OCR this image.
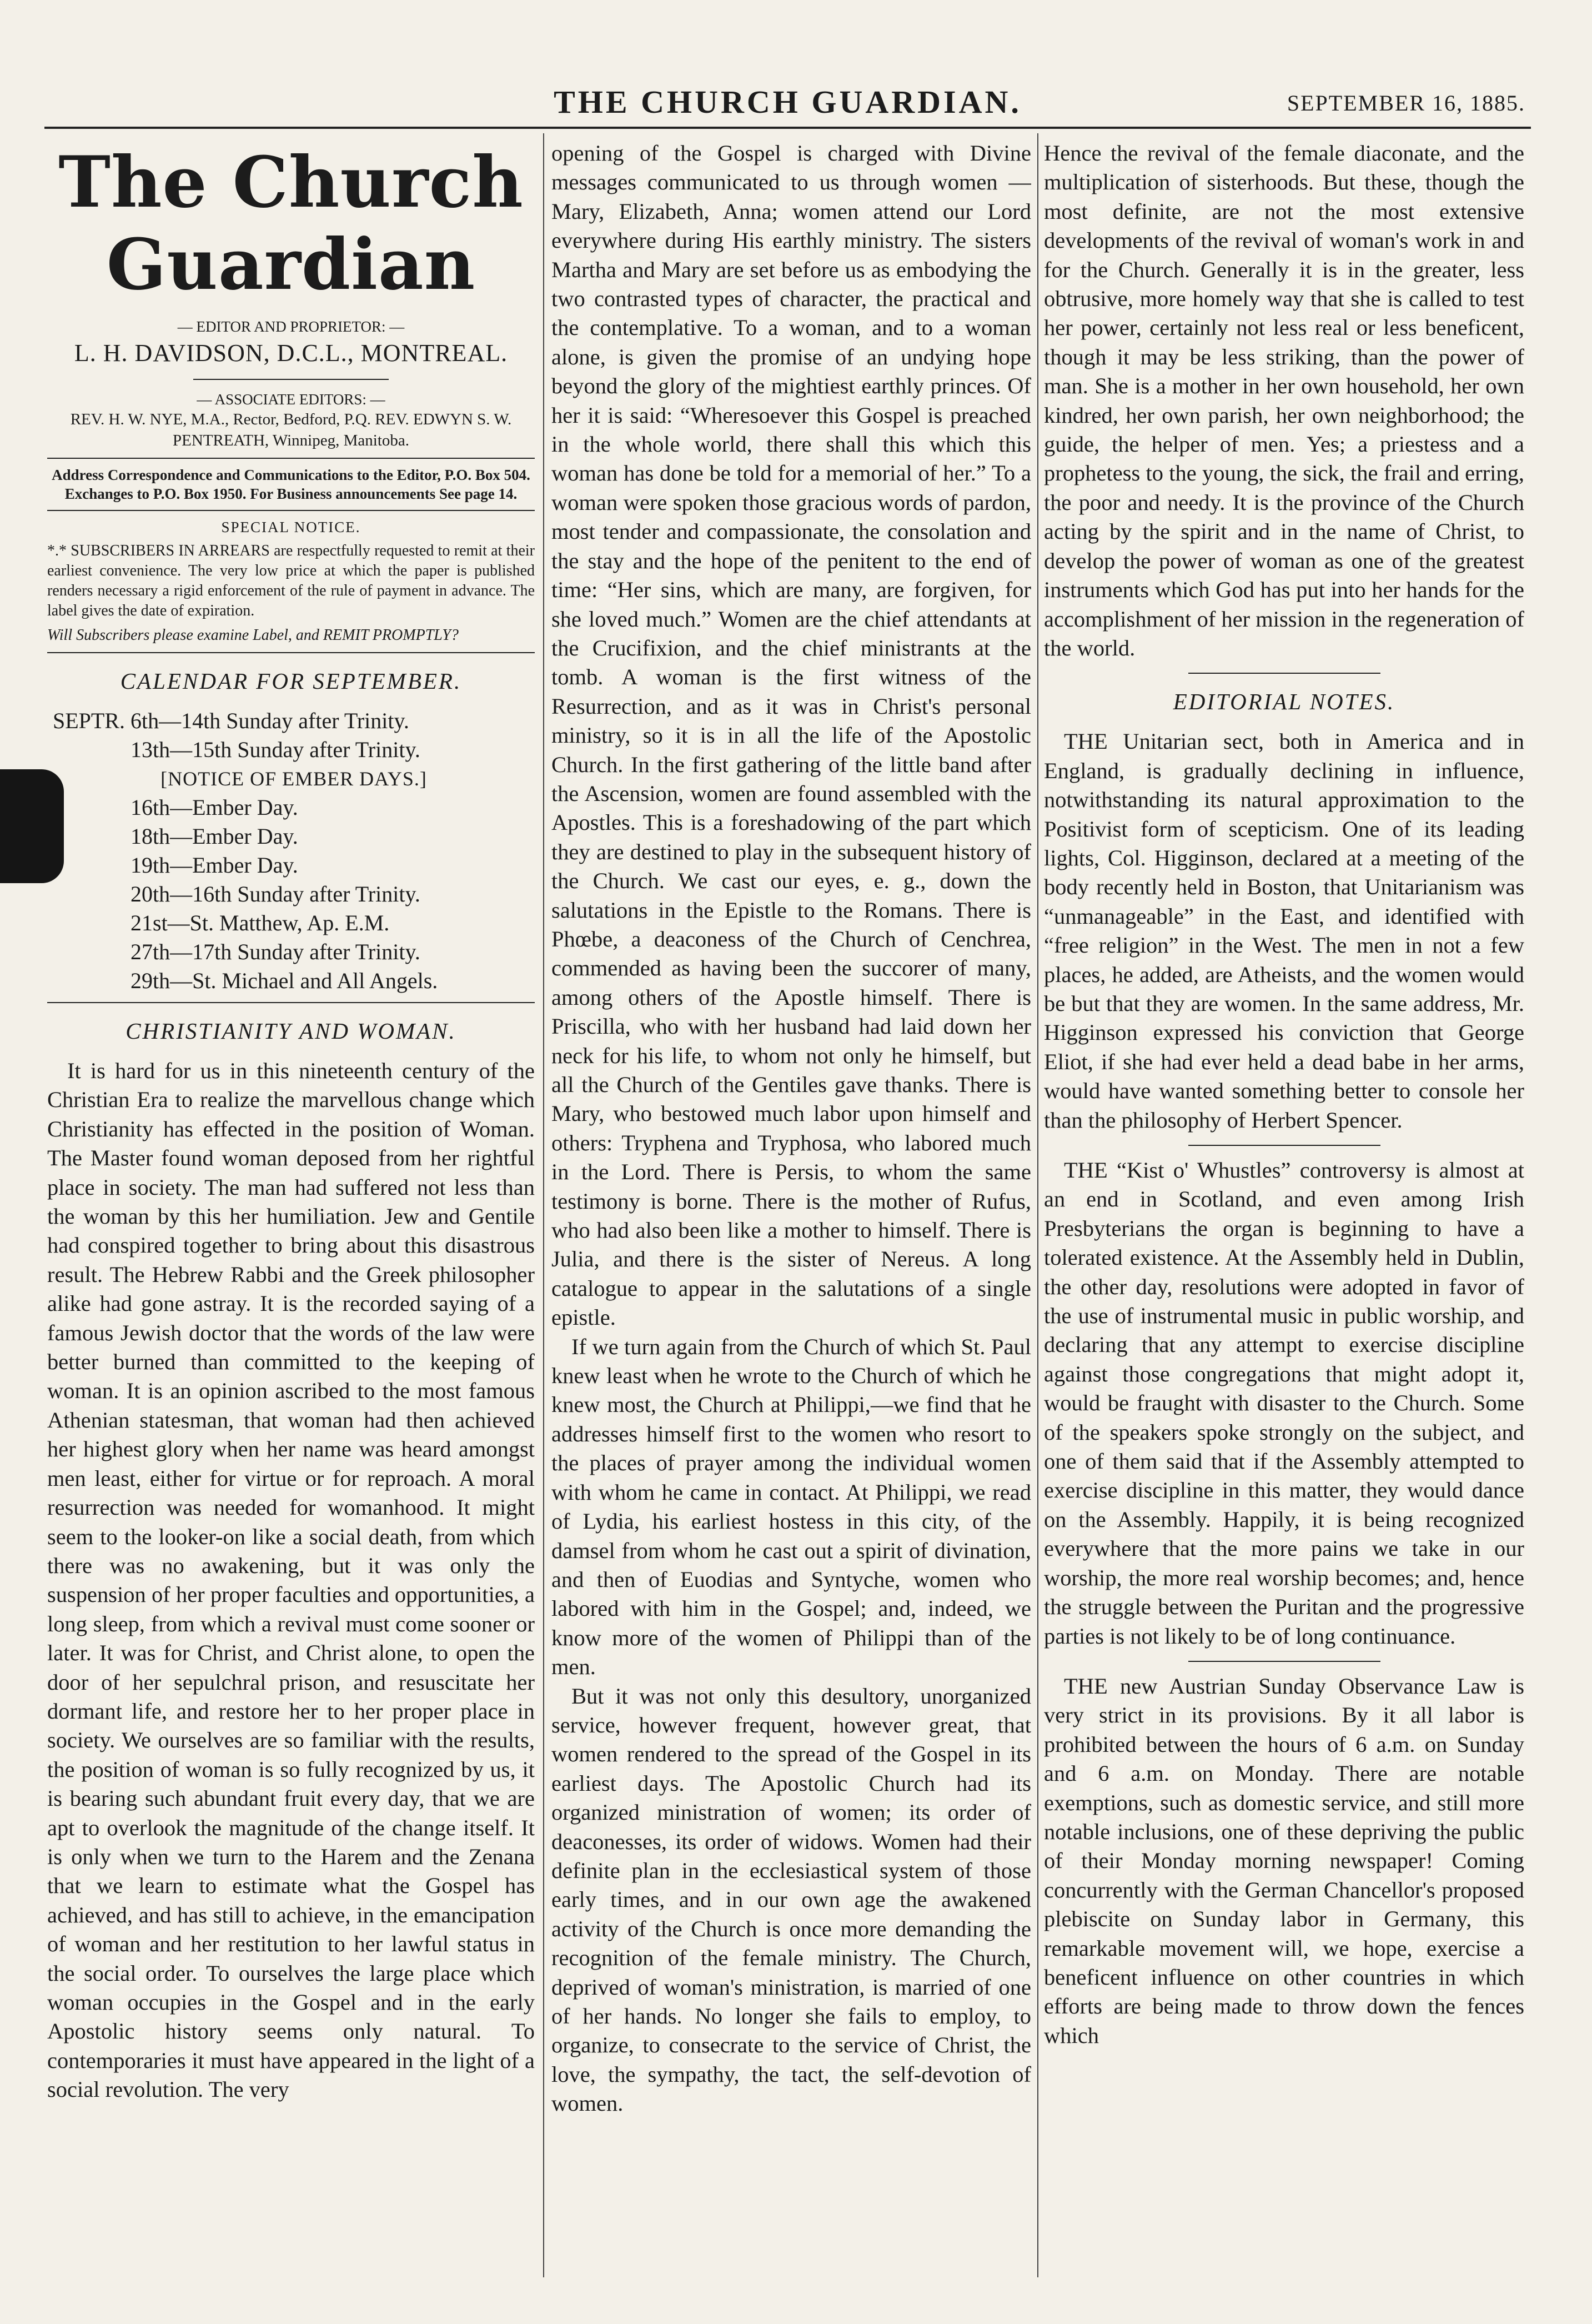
THE CHURCH GUARDIAN.	SEPTEMBER 16, 1885.
The Church Guardian
— EDITOR AND PROPRIETOR: —
L. H. DAVIDSON, D.C.L., MONTREAL.
— ASSOCIATE EDITORS: —
REV. H. W. NYE, M.A., Rector, Bedford, P.Q. REV. EDWYN S. W. PENTREATH, Winnipeg, Manitoba.
Address Correspondence and Communications to the Editor, P.O. Box 504. Exchanges to P.O. Box 1950. For Business announcements See page 14.
SPECIAL NOTICE.
*.* SUBSCRIBERS IN ARREARS are respectfully requested to remit at their earliest convenience. The very low price at which the paper is published renders necessary a rigid enforcement of the rule of payment in advance. The label gives the date of expiration.
Will Subscribers please examine Label, and REMIT PROMPTLY?
CALENDAR FOR SEPTEMBER.
SEPTR. 6th—14th Sunday after Trinity.
13th—15th Sunday after Trinity.
[NOTICE OF EMBER DAYS.]
16th—Ember Day.
18th—Ember Day.
19th—Ember Day.
20th—16th Sunday after Trinity.
21st—St. Matthew, Ap. E.M.
27th—17th Sunday after Trinity.
29th—St. Michael and All Angels.
CHRISTIANITY AND WOMAN.

It is hard for us in this nineteenth century of the Christian Era to realize the marvellous change which Christianity has effected in the position of Woman. The Master found woman deposed from her rightful place in society. The man had suffered not less than the woman by this her humiliation. Jew and Gentile had conspired together to bring about this disastrous result. The Hebrew Rabbi and the Greek philosopher alike had gone astray. It is the recorded saying of a famous Jewish doctor that the words of the law were better burned than committed to the keeping of woman. It is an opinion ascribed to the most famous Athenian statesman, that woman had then achieved her highest glory when her name was heard amongst men least, either for virtue or for reproach. A moral resurrection was needed for womanhood. It might seem to the looker-on like a social death, from which there was no awakening, but it was only the suspension of her proper faculties and opportunities, a long sleep, from which a revival must come sooner or later. It was for Christ, and Christ alone, to open the door of her sepulchral prison, and resuscitate her dormant life, and restore her to her proper place in society. We ourselves are so familiar with the results, the position of woman is so fully recognized by us, it is bearing such abundant fruit every day, that we are apt to overlook the magnitude of the change itself. It is only when we turn to the Harem and the Zenana that we learn to estimate what the Gospel has achieved, and has still to achieve, in the emancipation of woman and her restitution to her lawful status in the social order. To ourselves the large place which woman occupies in the Gospel and in the early Apostolic history seems only natural. To contemporaries it must have appeared in the light of a social revolution. The very

opening of the Gospel is charged with Divine messages communicated to us through women —Mary, Elizabeth, Anna; women attend our Lord everywhere during His earthly ministry. The sisters Martha and Mary are set before us as embodying the two contrasted types of character, the practical and the contemplative. To a woman, and to a woman alone, is given the promise of an undying hope beyond the glory of the mightiest earthly princes. Of her it is said: “Wheresoever this Gospel is preached in the whole world, there shall this which this woman has done be told for a memorial of her.” To a woman were spoken those gracious words of pardon, most tender and compassionate, the consolation and the stay and the hope of the penitent to the end of time: “Her sins, which are many, are forgiven, for she loved much.” Women are the chief attendants at the Crucifixion, and the chief ministrants at the tomb. A woman is the first witness of the Resurrection, and as it was in Christ's personal ministry, so it is in all the life of the Apostolic Church. In the first gathering of the little band after the Ascension, women are found assembled with the Apostles. This is a foreshadowing of the part which they are destined to play in the subsequent history of the Church. We cast our eyes, e. g., down the salutations in the Epistle to the Romans. There is Phœbe, a deaconess of the Church of Cenchrea, commended as having been the succorer of many, among others of the Apostle himself. There is Priscilla, who with her husband had laid down her neck for his life, to whom not only he himself, but all the Church of the Gentiles gave thanks. There is Mary, who bestowed much labor upon himself and others: Tryphena and Tryphosa, who labored much in the Lord. There is Persis, to whom the same testimony is borne. There is the mother of Rufus, who had also been like a mother to himself. There is Julia, and there is the sister of Nereus. A long catalogue to appear in the salutations of a single epistle.

If we turn again from the Church of which St. Paul knew least when he wrote to the Church of which he knew most, the Church at Philippi,—we find that he addresses himself first to the women who resort to the places of prayer among the individual women with whom he came in contact. At Philippi, we read of Lydia, his earliest hostess in this city, of the damsel from whom he cast out a spirit of divination, and then of Euodias and Syntyche, women who labored with him in the Gospel; and, indeed, we know more of the women of Philippi than of the men.

But it was not only this desultory, unorganized service, however frequent, however great, that women rendered to the spread of the Gospel in its earliest days. The Apostolic Church had its organized ministration of women; its order of deaconesses, its order of widows. Women had their definite plan in the ecclesiastical system of those early times, and in our own age the awakened activity of the Church is once more demanding the recognition of the female ministry. The Church, deprived of woman's ministration, is married of one of her hands. No longer she fails to employ, to organize, to consecrate to the service of Christ, the love, the sympathy, the tact, the self-devotion of women.

Hence the revival of the female diaconate, and the multiplication of sisterhoods. But these, though the most definite, are not the most extensive developments of the revival of woman's work in and for the Church. Generally it is in the greater, less obtrusive, more homely way that she is called to test her power, certainly not less real or less beneficent, though it may be less striking, than the power of man. She is a mother in her own household, her own kindred, her own parish, her own neighborhood; the guide, the helper of men. Yes; a priestess and a prophetess to the young, the sick, the frail and erring, the poor and needy. It is the province of the Church acting by the spirit and in the name of Christ, to develop the power of woman as one of the greatest instruments which God has put into her hands for the accomplishment of her mission in the regeneration of the world.

EDITORIAL NOTES.

THE Unitarian sect, both in America and in England, is gradually declining in influence, notwithstanding its natural approximation to the Positivist form of scepticism. One of its leading lights, Col. Higginson, declared at a meeting of the body recently held in Boston, that Unitarianism was “unmanageable” in the East, and identified with “free religion” in the West. The men in not a few places, he added, are Atheists, and the women would be but that they are women. In the same address, Mr. Higginson expressed his conviction that George Eliot, if she had ever held a dead babe in her arms, would have wanted something better to console her than the philosophy of Herbert Spencer.

THE “Kist o' Whustles” controversy is almost at an end in Scotland, and even among Irish Presbyterians the organ is beginning to have a tolerated existence. At the Assembly held in Dublin, the other day, resolutions were adopted in favor of the use of instrumental music in public worship, and declaring that any attempt to exercise discipline against those congregations that might adopt it, would be fraught with disaster to the Church. Some of the speakers spoke strongly on the subject, and one of them said that if the Assembly attempted to exercise discipline in this matter, they would dance on the Assembly. Happily, it is being recognized everywhere that the more pains we take in our worship, the more real worship becomes; and, hence the struggle between the Puritan and the progressive parties is not likely to be of long continuance.

THE new Austrian Sunday Observance Law is very strict in its provisions. By it all labor is prohibited between the hours of 6 a.m. on Sunday and 6 a.m. on Monday. There are notable exemptions, such as domestic service, and still more notable inclusions, one of these depriving the public of their Monday morning newspaper! Coming concurrently with the German Chancellor's proposed plebiscite on Sunday labor in Germany, this remarkable movement will, we hope, exercise a beneficent influence on other countries in which efforts are being made to throw down the fences which
